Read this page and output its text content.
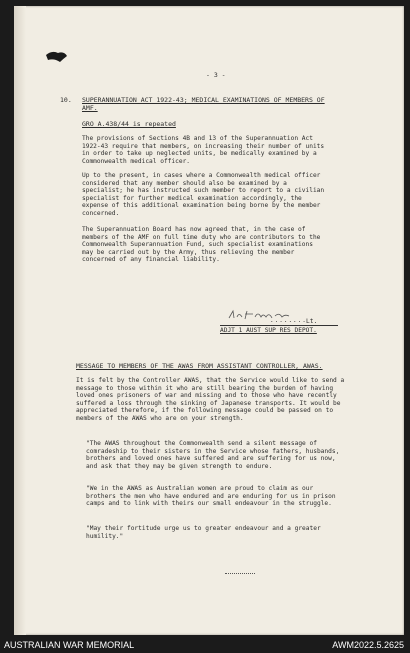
- 3 -
10. SUPERANNUATION ACT 1922-43; MEDICAL EXAMINATIONS OF MEMBERS OF AMF.
GRO A.438/44 is repeated
The provisions of Sections 4B and 13 of the Superannuation Act 1922-43 require that members, on increasing their number of units in order to take up neglected units, be medically examined by a Commonwealth medical officer.
Up to the present, in cases where a Commonwealth medical officer considered that any member should also be examined by a specialist; he has instructed such member to report to a civilian specialist for further medical examination accordingly, the expense of this additional examination being borne by the member concerned.
The Superannuation Board has now agreed that, in the case of members of the AMF on full time duty who are contributors to the Commonwealth Superannuation Fund, such specialist examinations may be carried out by the Army, thus relieving the member concerned of any financial liability.
........ Lt.
ADJT 1 AUST SUP RES DEPOT.
MESSAGE TO MEMBERS OF THE AWAS FROM ASSISTANT CONTROLLER, AWAS.
It is felt by the Controller AWAS, that the Service would like to send a message to those within it who are still bearing the burden of having loved ones prisoners of war and missing and to those who have recently suffered a loss through the sinking of Japanese transports. It would be appreciated therefore, if the following message could be passed on to members of the AWAS who are on your strength.
"The AWAS throughout the Commonwealth send a silent message of comradeship to their sisters in the Service whose fathers, husbands, brothers and loved ones have suffered and are suffering for us now, and ask that they may be given strength to endure.
"We in the AWAS as Australian women are proud to claim as our brothers the men who have endured and are enduring for us in prison camps and to link with theirs our small endeavour in the struggle.
"May their fortitude urge us to greater endeavour and a greater humility."
AUSTRALIAN WAR MEMORIAL	AWM2022.5.2625
